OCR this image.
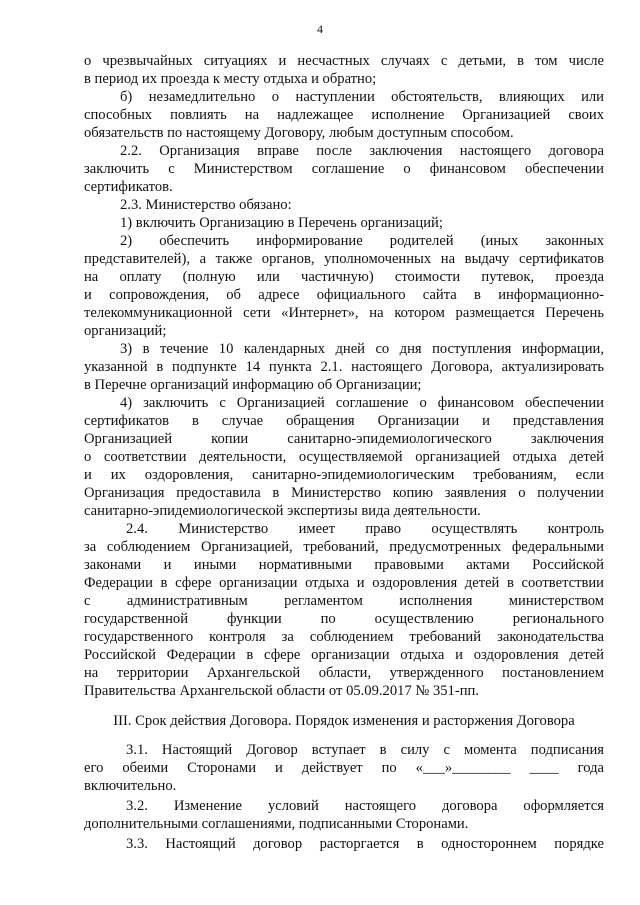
4
о чрезвычайных ситуациях и несчастных случаях с детьми, в том числе
в период их проезда к месту отдыха и обратно;
б) незамедлительно о наступлении обстоятельств, влияющих или
способных повлиять на надлежащее исполнение Организацией своих
обязательств по настоящему Договору, любым доступным способом.
2.2. Организация вправе после заключения настоящего договора
заключить с Министерством соглашение о финансовом обеспечении
сертификатов.
2.3. Министерство обязано:
1) включить Организацию в Перечень организаций;
2) обеспечить информирование родителей (иных законных
представителей), а также органов, уполномоченных на выдачу сертификатов
на оплату (полную или частичную) стоимости путевок, проезда
и сопровождения, об адресе официального сайта в информационно-
телекоммуникационной сети «Интернет», на котором размещается Перечень
организаций;
3) в течение 10 календарных дней со дня поступления информации,
указанной в подпункте 14 пункта 2.1. настоящего Договора, актуализировать
в Перечне организаций информацию об Организации;
4) заключить с Организацией соглашение о финансовом обеспечении
сертификатов в случае обращения Организации и представления
Организацией копии санитарно-эпидемиологического заключения
о соответствии деятельности, осуществляемой организацией отдыха детей
и их оздоровления, санитарно-эпидемиологическим требованиям, если
Организация предоставила в Министерство копию заявления о получении
санитарно-эпидемиологической экспертизы вида деятельности.
2.4. Министерство имеет право осуществлять контроль
за соблюдением Организацией, требований, предусмотренных федеральными
законами и иными нормативными правовыми актами Российской
Федерации в сфере организации отдыха и оздоровления детей в соответствии
с административным регламентом исполнения министерством
государственной функции по осуществлению регионального
государственного контроля за соблюдением требований законодательства
Российской Федерации в сфере организации отдыха и оздоровления детей
на территории Архангельской области, утвержденного постановлением
Правительства Архангельской области от 05.09.2017 № 351-пп.
III. Срок действия Договора. Порядок изменения и расторжения Договора
3.1. Настоящий Договор вступает в силу с момента подписания
его обеими Сторонами и действует по «___»________ ____ года
включительно.
3.2. Изменение условий настоящего договора оформляется
дополнительными соглашениями, подписанными Сторонами.
3.3. Настоящий договор расторгается в одностороннем порядке
